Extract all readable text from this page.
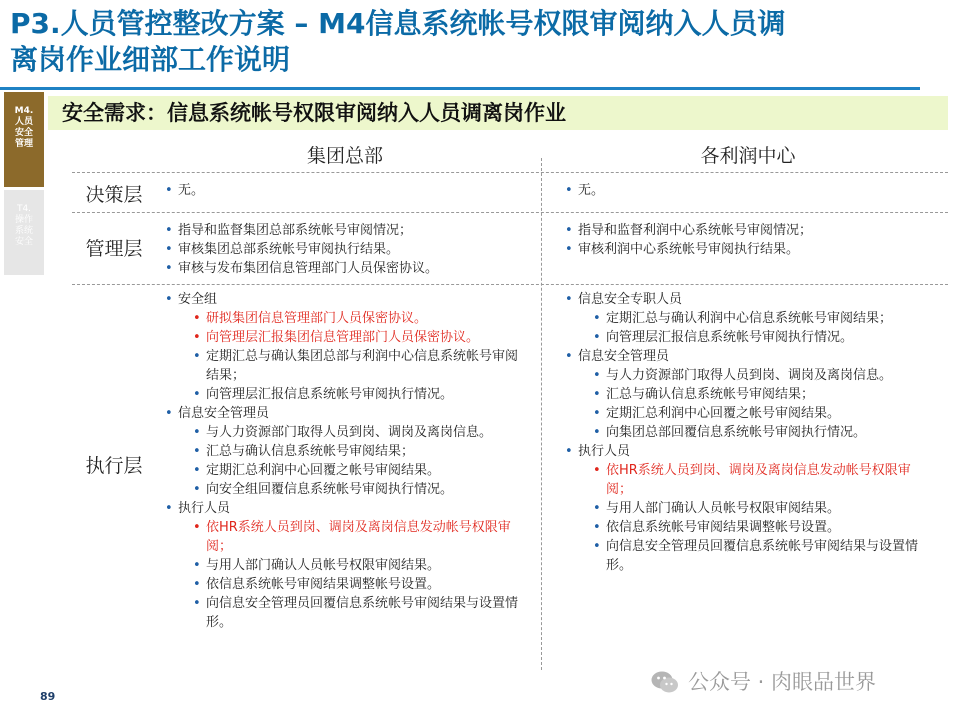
P3.人员管控整改方案 – M4信息系统帐号权限审阅纳入人员调
离岗作业细部工作说明
M4.
人员
安全
管理
T4.
操作
系统
安全
安全需求：信息系统帐号权限审阅纳入人员调离岗作业
集团总部	各利润中心
决策层
管理层
执行层
• 无。
•	无。
• 指导和监督集团总部系统帐号审阅情况；
• 审核集团总部系统帐号审阅执行结果。
• 审核与发布集团信息管理部门人员保密协议。
• 指导和监督利润中心系统帐号审阅情况；
• 审核利润中心系统帐号审阅执行结果。
• 安全组
• 研拟集团信息管理部门人员保密协议。
• 向管理层汇报集团信息管理部门人员保密协议。
• 定期汇总与确认集团总部与利润中心信息系统帐号审阅结果；
• 向管理层汇报信息系统帐号审阅执行情况。
• 信息安全管理员
• 与人力资源部门取得人员到岗、调岗及离岗信息。
• 汇总与确认信息系统帐号审阅结果；
• 定期汇总利润中心回覆之帐号审阅结果。
• 向安全组回覆信息系统帐号审阅执行情况。
• 执行人员
• 依HR系统人员到岗、调岗及离岗信息发动帐号权限审阅；
• 与用人部门确认人员帐号权限审阅结果。
• 依信息系统帐号审阅结果调整帐号设置。
• 向信息安全管理员回覆信息系统帐号审阅结果与设置情形。
• 信息安全专职人员
• 定期汇总与确认利润中心信息系统帐号审阅结果；
• 向管理层汇报信息系统帐号审阅执行情况。
• 信息安全管理员
• 与人力资源部门取得人员到岗、调岗及离岗信息。
• 汇总与确认信息系统帐号审阅结果；
• 定期汇总利润中心回覆之帐号审阅结果。
• 向集团总部回覆信息系统帐号审阅执行情况。
• 执行人员
• 依HR系统人员到岗、调岗及离岗信息发动帐号权限审阅；
• 与用人部门确认人员帐号权限审阅结果。
• 依信息系统帐号审阅结果调整帐号设置。
• 向信息安全管理员回覆信息系统帐号审阅结果与设置情形。
89
公众号 · 肉眼品世界
